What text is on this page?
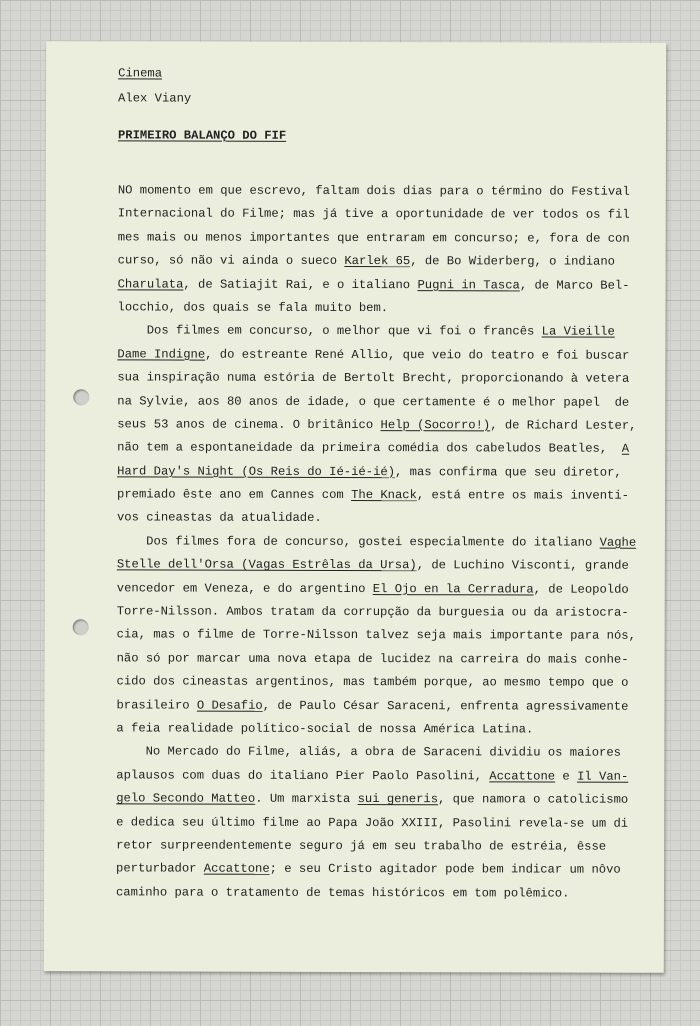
Cinema
Alex Viany
PRIMEIRO BALANÇO DO FIF
NO momento em que escrevo, faltam dois dias para o término do Festival
Internacional do Filme; mas já tive a oportunidade de ver todos os fil
mes mais ou menos importantes que entraram em concurso; e, fora de con
curso, só não vi ainda o sueco Karlek 65, de Bo Widerberg, o indiano
Charulata, de Satiajit Rai, e o italiano Pugni in Tasca, de Marco Bel-
locchio, dos quais se fala muito bem.
Dos filmes em concurso, o melhor que vi foi o francês La Vieille
Dame Indigne, do estreante René Allio, que veio do teatro e foi buscar
sua inspiração numa estória de Bertolt Brecht, proporcionando à vetera
na Sylvie, aos 80 anos de idade, o que certamente é o melhor papel  de
seus 53 anos de cinema. O britânico Help (Socorro!), de Richard Lester,
não tem a espontaneidade da primeira comédia dos cabeludos Beatles,  A
Hard Day's Night (Os Reis do Ié-ié-ié), mas confirma que seu diretor,
premiado êste ano em Cannes com The Knack, está entre os mais inventi-
vos cineastas da atualidade.
Dos filmes fora de concurso, gostei especialmente do italiano Vaghe
Stelle dell'Orsa (Vagas Estrêlas da Ursa), de Luchino Visconti, grande
vencedor em Veneza, e do argentino El Ojo en la Cerradura, de Leopoldo
Torre-Nilsson. Ambos tratam da corrupção da burguesia ou da aristocra-
cia, mas o filme de Torre-Nilsson talvez seja mais importante para nós,
não só por marcar uma nova etapa de lucidez na carreira do mais conhe-
cido dos cineastas argentinos, mas também porque, ao mesmo tempo que o
brasileiro O Desafio, de Paulo César Saraceni, enfrenta agressivamente
a feia realidade político-social de nossa América Latina.
No Mercado do Filme, aliás, a obra de Saraceni dividiu os maiores
aplausos com duas do italiano Pier Paolo Pasolini, Accattone e Il Van-
gelo Secondo Matteo. Um marxista sui generis, que namora o catolicismo
e dedica seu último filme ao Papa João XXIII, Pasolini revela-se um di
retor surpreendentemente seguro já em seu trabalho de estréia, êsse
perturbador Accattone; e seu Cristo agitador pode bem indicar um nôvo
caminho para o tratamento de temas históricos em tom polêmico.
